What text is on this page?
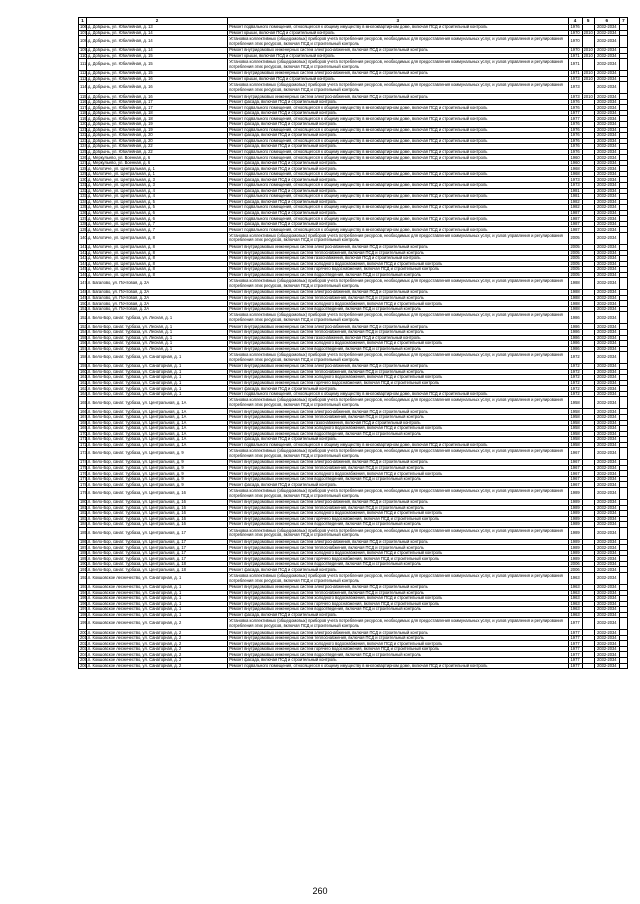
1	2	3	4	5	6	7
106.	д. Добрынь, ул. Юбилейная, д. 13	Ремонт подвального помещения, относящегося к общему имуществу в многоквартирном доме, включая ПСД и строительный контроль	1976		2032-2034	
107.	д. Добрынь, ул. Юбилейная, д. 14	Ремонт крыши, включая ПСД и строительный контроль	1970	2010	2032-2034	
108.	д. Добрынь, ул. Юбилейная, д. 14	Установка коллективных (общедомовых) приборов учета потребления ресурсов, необходимых для предоставления коммунальных услуг, и узлов управления и регулирования потребления этих ресурсов, включая ПСД и строительный контроль	1970		2032-2034	
109.	д. Добрынь, ул. Юбилейная, д. 14	Ремонт внутридомовых инженерных систем электроснабжения, включая ПСД и строительный контроль	1970	2010	2032-2034	
110.	д. Добрынь, ул. Юбилейная, д. 15	Ремонт крыши, включая ПСД и строительный контроль	1971	2010	2032-2034	
111.	д. Добрынь, ул. Юбилейная, д. 15	Установка коллективных (общедомовых) приборов учета потребления ресурсов, необходимых для предоставления коммунальных услуг, и узлов управления и регулирования потребления этих ресурсов, включая ПСД и строительный контроль	1971		2032-2034	
112.	д. Добрынь, ул. Юбилейная, д. 15	Ремонт внутридомовых инженерных систем электроснабжения, включая ПСД и строительный контроль	1971	2010	2032-2034	
113.	д. Добрынь, ул. Юбилейная, д. 16	Ремонт крыши, включая ПСД и строительный контроль	1973	2010	2032-2034	
114.	д. Добрынь, ул. Юбилейная, д. 16	Установка коллективных (общедомовых) приборов учета потребления ресурсов, необходимых для предоставления коммунальных услуг, и узлов управления и регулирования потребления этих ресурсов, включая ПСД и строительный контроль	1973		2032-2034	
115.	д. Добрынь, ул. Юбилейная, д. 16	Ремонт внутридомовых инженерных систем электроснабжения, включая ПСД и строительный контроль	1973	2010	2032-2034	
116.	д. Добрынь, ул. Юбилейная, д. 17	Ремонт фасада, включая ПСД и строительный контроль	1976		2032-2034	
117.	д. Добрынь, ул. Юбилейная, д. 17	Ремонт подвального помещения, относящегося к общему имуществу в многоквартирном доме, включая ПСД и строительный контроль	1976		2032-2034	
118.	д. Добрынь, ул. Юбилейная, д. 18	Ремонт фасада, включая ПСД и строительный контроль	1977		2032-2034	
119.	д. Добрынь, ул. Юбилейная, д. 18	Ремонт подвального помещения, относящегося к общему имуществу в многоквартирном доме, включая ПСД и строительный контроль	1977		2032-2034	
120.	д. Добрынь, ул. Юбилейная, д. 19	Ремонт фасада, включая ПСД и строительный контроль	1976		2032-2034	
121.	д. Добрынь, ул. Юбилейная, д. 19	Ремонт подвального помещения, относящегося к общему имуществу в многоквартирном доме, включая ПСД и строительный контроль	1976		2032-2034	
122.	д. Добрынь, ул. Юбилейная, д. 20	Ремонт фасада, включая ПСД и строительный контроль	1976		2032-2034	
123.	д. Добрынь, ул. Юбилейная, д. 20	Ремонт подвального помещения, относящегося к общему имуществу в многоквартирном доме, включая ПСД и строительный контроль	1976		2032-2034	
124.	д. Добрынь, ул. Юбилейная, д. 22	Ремонт фасада, включая ПСД и строительный контроль	1976		2032-2034	
125.	д. Добрынь, ул. Юбилейная, д. 22	Ремонт подвального помещения, относящегося к общему имуществу в многоквартирном доме, включая ПСД и строительный контроль	1976		2032-2034	
126.	д. Меркульево, ул. Военная, д. 6	Ремонт подвального помещения, относящегося к общему имуществу в многоквартирном доме, включая ПСД и строительный контроль	1960		2032-2034	
127.	д. Меркульево, ул. Военная, д. 6	Ремонт фасада, включая ПСД и строительный контроль	1960		2032-2034	
128.	д. Молотиче, ул. Центральная, д. 1	Ремонт фасада, включая ПСД и строительный контроль	1968		2032-2034	
129.	д. Молотиче, ул. Центральная, д. 1	Ремонт подвального помещения, относящегося к общему имуществу в многоквартирном доме, включая ПСД и строительный контроль	1968		2032-2034	
130.	д. Молотиче, ул. Центральная, д. 3	Ремонт фасада, включая ПСД и строительный контроль	1973		2032-2034	
131.	д. Молотиче, ул. Центральная, д. 3	Ремонт подвального помещения, относящегося к общему имуществу в многоквартирном доме, включая ПСД и строительный контроль	1973		2032-2034	
132.	д. Молотиче, ул. Центральная, д. 4	Ремонт фасада, включая ПСД и строительный контроль	1981		2032-2034	
133.	д. Молотиче, ул. Центральная, д. 4	Ремонт подвального помещения, относящегося к общему имуществу в многоквартирном доме, включая ПСД и строительный контроль	1981		2032-2034	
134.	д. Молотиче, ул. Центральная, д. 5	Ремонт фасада, включая ПСД и строительный контроль	1982		2032-2034	
135.	д. Молотиче, ул. Центральная, д. 5	Ремонт подвального помещения, относящегося к общему имуществу в многоквартирном доме, включая ПСД и строительный контроль	1982		2032-2034	
136.	д. Молотиче, ул. Центральная, д. 6	Ремонт фасада, включая ПСД и строительный контроль	1987		2032-2034	
137.	д. Молотиче, ул. Центральная, д. 6	Ремонт подвального помещения, относящегося к общему имуществу в многоквартирном доме, включая ПСД и строительный контроль	1987		2032-2034	
138.	д. Молотиче, ул. Центральная, д. 7	Ремонт фасада, включая ПСД и строительный контроль	1987		2032-2034	
139.	д. Молотиче, ул. Центральная, д. 7	Ремонт подвального помещения, относящегося к общему имуществу в многоквартирном доме, включая ПСД и строительный контроль	1987		2032-2034	
140.	д. Молотиче, ул. Центральная, д. 8	Установка коллективных (общедомовых) приборов учета потребления ресурсов, необходимых для предоставления коммунальных услуг, и узлов управления и регулирования потребления этих ресурсов, включая ПСД и строительный контроль	2005		2032-2034	
141.	д. Молотиче, ул. Центральная, д. 8	Ремонт внутридомовых инженерных систем электроснабжения, включая ПСД и строительный контроль	2005		2032-2034	
142.	д. Молотиче, ул. Центральная, д. 8	Ремонт внутридомовых инженерных систем теплоснабжения, включая ПСД и строительный контроль	2005		2032-2034	
143.	д. Молотиче, ул. Центральная, д. 8	Ремонт внутридомовых инженерных систем газоснабжения, включая ПСД и строительный контроль	2005		2032-2034	
144.	д. Молотиче, ул. Центральная, д. 8	Ремонт внутридомовых инженерных систем холодного водоснабжения, включая ПСД и строительный контроль	2005		2032-2034	
145.	д. Молотиче, ул. Центральная, д. 8	Ремонт внутридомовых инженерных систем горячего водоснабжения, включая ПСД и строительный контроль	2005		2032-2034	
146.	д. Молотиче, ул. Центральная, д. 8	Ремонт внутридомовых инженерных систем водоотведения, включая ПСД и строительный контроль	2005		2032-2034	
147.	п. Багалово, ул. Почтовая, д. 2А	Установка коллективных (общедомовых) приборов учета потребления ресурсов, необходимых для предоставления коммунальных услуг, и узлов управления и регулирования потребления этих ресурсов, включая ПСД и строительный контроль	1988		2032-2034	
148.	п. Багалово, ул. Почтовая, д. 2А	Ремонт внутридомовых инженерных систем электроснабжения, включая ПСД и строительный контроль	1988		2032-2034	
149.	п. Багалово, ул. Почтовая, д. 2А	Ремонт внутридомовых инженерных систем теплоснабжения, включая ПСД и строительный контроль	1988		2032-2034	
150.	п. Багалово, ул. Почтовая, д. 2А	Ремонт внутридомовых инженерных систем холодного водоснабжения, включая ПСД и строительный контроль	1988		2032-2034	
151.	п. Багалово, ул. Почтовая, д. 2А	Ремонт внутридомовых инженерных систем водоотведения, включая ПСД и строительный контроль	1988		2032-2034	
152.	п. Бело-Бор, санат. турбаза, ул. Лесная, д. 1	Установка коллективных (общедомовых) приборов учета потребления ресурсов, необходимых для предоставления коммунальных услуг, и узлов управления и регулирования потребления этих ресурсов, включая ПСД и строительный контроль	1986		2032-2034	
153.	п. Бело-Бор, санат. турбаза, ул. Лесная, д. 1	Ремонт внутридомовых инженерных систем электроснабжения, включая ПСД и строительный контроль	1986		2032-2034	
154.	п. Бело-Бор, санат. турбаза, ул. Лесная, д. 1	Ремонт внутридомовых инженерных систем теплоснабжения, включая ПСД и строительный контроль	1986		2032-2034	
155.	п. Бело-Бор, санат. турбаза, ул. Лесная, д. 1	Ремонт внутридомовых инженерных систем газоснабжения, включая ПСД и строительный контроль	1986		2032-2034	
156.	п. Бело-Бор, санат. турбаза, ул. Лесная, д. 1	Ремонт внутридомовых инженерных систем холодного водоснабжения, включая ПСД и строительный контроль	1986		2032-2034	
157.	п. Бело-Бор, санат. турбаза, ул. Лесная, д. 1	Ремонт внутридомовых инженерных систем водоотведения, включая ПСД и строительный контроль	1986		2032-2034	
158.	п. Бело-Бор, санат. турбаза, ул. Санаторная, д. 1	Установка коллективных (общедомовых) приборов учета потребления ресурсов, необходимых для предоставления коммунальных услуг, и узлов управления и регулирования потребления этих ресурсов, включая ПСД и строительный контроль	1972		2032-2034	
159.	п. Бело-Бор, санат. турбаза, ул. Санаторная, д. 1	Ремонт внутридомовых инженерных систем электроснабжения, включая ПСД и строительный контроль	1972		2032-2034	
160.	п. Бело-Бор, санат. турбаза, ул. Санаторная, д. 1	Ремонт внутридомовых инженерных систем теплоснабжения, включая ПСД и строительный контроль	1972		2032-2034	
161.	п. Бело-Бор, санат. турбаза, ул. Санаторная, д. 1	Ремонт внутридомовых инженерных систем холодного водоснабжения, включая ПСД и строительный контроль	1972		2032-2034	
162.	п. Бело-Бор, санат. турбаза, ул. Санаторная, д. 1	Ремонт внутридомовых инженерных систем горячего водоснабжения, включая ПСД и строительный контроль	1972		2032-2034	
163.	п. Бело-Бор, санат. турбаза, ул. Санаторная, д. 1	Ремонт фасада, включая ПСД и строительный контроль	1972		2032-2034	
164.	п. Бело-Бор, санат. турбаза, ул. Санаторная, д. 1	Ремонт подвального помещения, относящегося к общему имуществу в многоквартирном доме, включая ПСД и строительный контроль	1972		2032-2034	
165.	п. Бело-Бор, санат. турбаза, ул. Центральная, д. 1А	Установка коллективных (общедомовых) приборов учета потребления ресурсов, необходимых для предоставления коммунальных услуг, и узлов управления и регулирования потребления этих ресурсов, включая ПСД и строительный контроль	1958		2032-2034	
166.	п. Бело-Бор, санат. турбаза, ул. Центральная, д. 1А	Ремонт внутридомовых инженерных систем электроснабжения, включая ПСД и строительный контроль	1958		2032-2034	
167.	п. Бело-Бор, санат. турбаза, ул. Центральная, д. 1А	Ремонт внутридомовых инженерных систем теплоснабжения, включая ПСД и строительный контроль	1958		2032-2034	
168.	п. Бело-Бор, санат. турбаза, ул. Центральная, д. 1А	Ремонт внутридомовых инженерных систем газоснабжения, включая ПСД и строительный контроль	1958		2032-2034	
169.	п. Бело-Бор, санат. турбаза, ул. Центральная, д. 1А	Ремонт внутридомовых инженерных систем холодного водоснабжения, включая ПСД и строительный контроль	1958		2032-2034	
170.	п. Бело-Бор, санат. турбаза, ул. Центральная, д. 1А	Ремонт внутридомовых инженерных систем водоотведения, включая ПСД и строительный контроль	1958		2032-2034	
171.	п. Бело-Бор, санат. турбаза, ул. Центральная, д. 1А	Ремонт фасада, включая ПСД и строительный контроль	1958		2032-2034	
172.	п. Бело-Бор, санат. турбаза, ул. Центральная, д. 1А	Ремонт подвального помещения, относящегося к общему имуществу в многоквартирном доме, включая ПСД и строительный контроль	1958		2032-2034	
173.	п. Бело-Бор, санат. турбаза, ул. Центральная, д. 9	Установка коллективных (общедомовых) приборов учета потребления ресурсов, необходимых для предоставления коммунальных услуг, и узлов управления и регулирования потребления этих ресурсов, включая ПСД и строительный контроль	1967		2032-2034	
174.	п. Бело-Бор, санат. турбаза, ул. Центральная, д. 9	Ремонт внутридомовых инженерных систем электроснабжения, включая ПСД и строительный контроль	1967		2032-2034	
175.	п. Бело-Бор, санат. турбаза, ул. Центральная, д. 9	Ремонт внутридомовых инженерных систем теплоснабжения, включая ПСД и строительный контроль	1967		2032-2034	
176.	п. Бело-Бор, санат. турбаза, ул. Центральная, д. 9	Ремонт внутридомовых инженерных систем холодного водоснабжения, включая ПСД и строительный контроль	1967		2032-2034	
177.	п. Бело-Бор, санат. турбаза, ул. Центральная, д. 9	Ремонт внутридомовых инженерных систем водоотведения, включая ПСД и строительный контроль	1967		2032-2034	
178.	п. Бело-Бор, санат. турбаза, ул. Центральная, д. 9	Ремонт фасада, включая ПСД и строительный контроль	1967		2032-2034	
179.	п. Бело-Бор, санат. турбаза, ул. Центральная, д. 16	Установка коллективных (общедомовых) приборов учета потребления ресурсов, необходимых для предоставления коммунальных услуг, и узлов управления и регулирования потребления этих ресурсов, включая ПСД и строительный контроль	1989		2032-2034	
180.	п. Бело-Бор, санат. турбаза, ул. Центральная, д. 16	Ремонт внутридомовых инженерных систем электроснабжения, включая ПСД и строительный контроль	1989		2032-2034	
181.	п. Бело-Бор, санат. турбаза, ул. Центральная, д. 16	Ремонт внутридомовых инженерных систем теплоснабжения, включая ПСД и строительный контроль	1989		2032-2034	
182.	п. Бело-Бор, санат. турбаза, ул. Центральная, д. 16	Ремонт внутридомовых инженерных систем холодного водоснабжения, включая ПСД и строительный контроль	1989		2032-2034	
183.	п. Бело-Бор, санат. турбаза, ул. Центральная, д. 16	Ремонт внутридомовых инженерных систем горячего водоснабжения, включая ПСД и строительный контроль	1989		2032-2034	
184.	п. Бело-Бор, санат. турбаза, ул. Центральная, д. 16	Ремонт внутридомовых инженерных систем водоотведения, включая ПСД и строительный контроль	1989		2032-2034	
185.	п. Бело-Бор, санат. турбаза, ул. Центральная, д. 17	Установка коллективных (общедомовых) приборов учета потребления ресурсов, необходимых для предоставления коммунальных услуг, и узлов управления и регулирования потребления этих ресурсов, включая ПСД и строительный контроль	1989		2032-2034	
186.	п. Бело-Бор, санат. турбаза, ул. Центральная, д. 17	Ремонт внутридомовых инженерных систем электроснабжения, включая ПСД и строительный контроль	1989		2032-2034	
187.	п. Бело-Бор, санат. турбаза, ул. Центральная, д. 17	Ремонт внутридомовых инженерных систем теплоснабжения, включая ПСД и строительный контроль	1989		2032-2034	
188.	п. Бело-Бор, санат. турбаза, ул. Центральная, д. 17	Ремонт внутридомовых инженерных систем холодного водоснабжения, включая ПСД и строительный контроль	1989		2032-2034	
189.	п. Бело-Бор, санат. турбаза, ул. Центральная, д. 17	Ремонт внутридомовых инженерных систем горячего водоснабжения, включая ПСД и строительный контроль	1989		2032-2034	
190.	п. Бело-Бор, санат. турбаза, ул. Центральная, д. 18	Ремонт внутридомовых инженерных систем водоотведения, включая ПСД и строительный контроль	2006		2032-2034	
191.	п. Бело-Бор, санат. турбаза, ул. Центральная, д. 18	Ремонт фасада, включая ПСД и строительный контроль	2006		2032-2034	
192.	п. Кокшовское лесничество, ул. Санаторная, д. 1	Установка коллективных (общедомовых) приборов учета потребления ресурсов, необходимых для предоставления коммунальных услуг, и узлов управления и регулирования потребления этих ресурсов, включая ПСД и строительный контроль	1963		2032-2034	
193.	п. Кокшовское лесничество, ул. Санаторная, д. 1	Ремонт внутридомовых инженерных систем электроснабжения, включая ПСД и строительный контроль	1963		2032-2034	
194.	п. Кокшовское лесничество, ул. Санаторная, д. 1	Ремонт внутридомовых инженерных систем теплоснабжения, включая ПСД и строительный контроль	1963		2032-2034	
195.	п. Кокшовское лесничество, ул. Санаторная, д. 1	Ремонт внутридомовых инженерных систем холодного водоснабжения, включая ПСД и строительный контроль	1963		2032-2034	
196.	п. Кокшовское лесничество, ул. Санаторная, д. 1	Ремонт внутридомовых инженерных систем горячего водоснабжения, включая ПСД и строительный контроль	1963		2032-2034	
197.	п. Кокшовское лесничество, ул. Санаторная, д. 1	Ремонт внутридомовых инженерных систем водоотведения, включая ПСД и строительный контроль	1963		2032-2034	
198.	п. Кокшовское лесничество, ул. Санаторная, д. 1	Ремонт фасада, включая ПСД и строительный контроль	1963		2032-2034	
199.	п. Кокшовское лесничество, ул. Санаторная, д. 2	Установка коллективных (общедомовых) приборов учета потребления ресурсов, необходимых для предоставления коммунальных услуг, и узлов управления и регулирования потребления этих ресурсов, включая ПСД и строительный контроль	1977		2032-2034	
200.	п. Кокшовское лесничество, ул. Санаторная, д. 2	Ремонт внутридомовых инженерных систем электроснабжения, включая ПСД и строительный контроль	1977		2032-2034	
201.	п. Кокшовское лесничество, ул. Санаторная, д. 2	Ремонт внутридомовых инженерных систем теплоснабжения, включая ПСД и строительный контроль	1977		2032-2034	
202.	п. Кокшовское лесничество, ул. Санаторная, д. 2	Ремонт внутридомовых инженерных систем холодного водоснабжения, включая ПСД и строительный контроль	1977		2032-2034	
203.	п. Кокшовское лесничество, ул. Санаторная, д. 2	Ремонт внутридомовых инженерных систем горячего водоснабжения, включая ПСД и строительный контроль	1977		2032-2034	
204.	п. Кокшовское лесничество, ул. Санаторная, д. 2	Ремонт внутридомовых инженерных систем водоотведения, включая ПСД и строительный контроль	1977		2032-2034	
205.	п. Кокшовское лесничество, ул. Санаторная, д. 2	Ремонт фасада, включая ПСД и строительный контроль	1977		2032-2034	
206.	п. Кокшовское лесничество, ул. Санаторная, д. 2	Ремонт подвального помещения, относящегося к общему имуществу в многоквартирном доме, включая ПСД и строительный контроль	1977		2032-2034	
260
